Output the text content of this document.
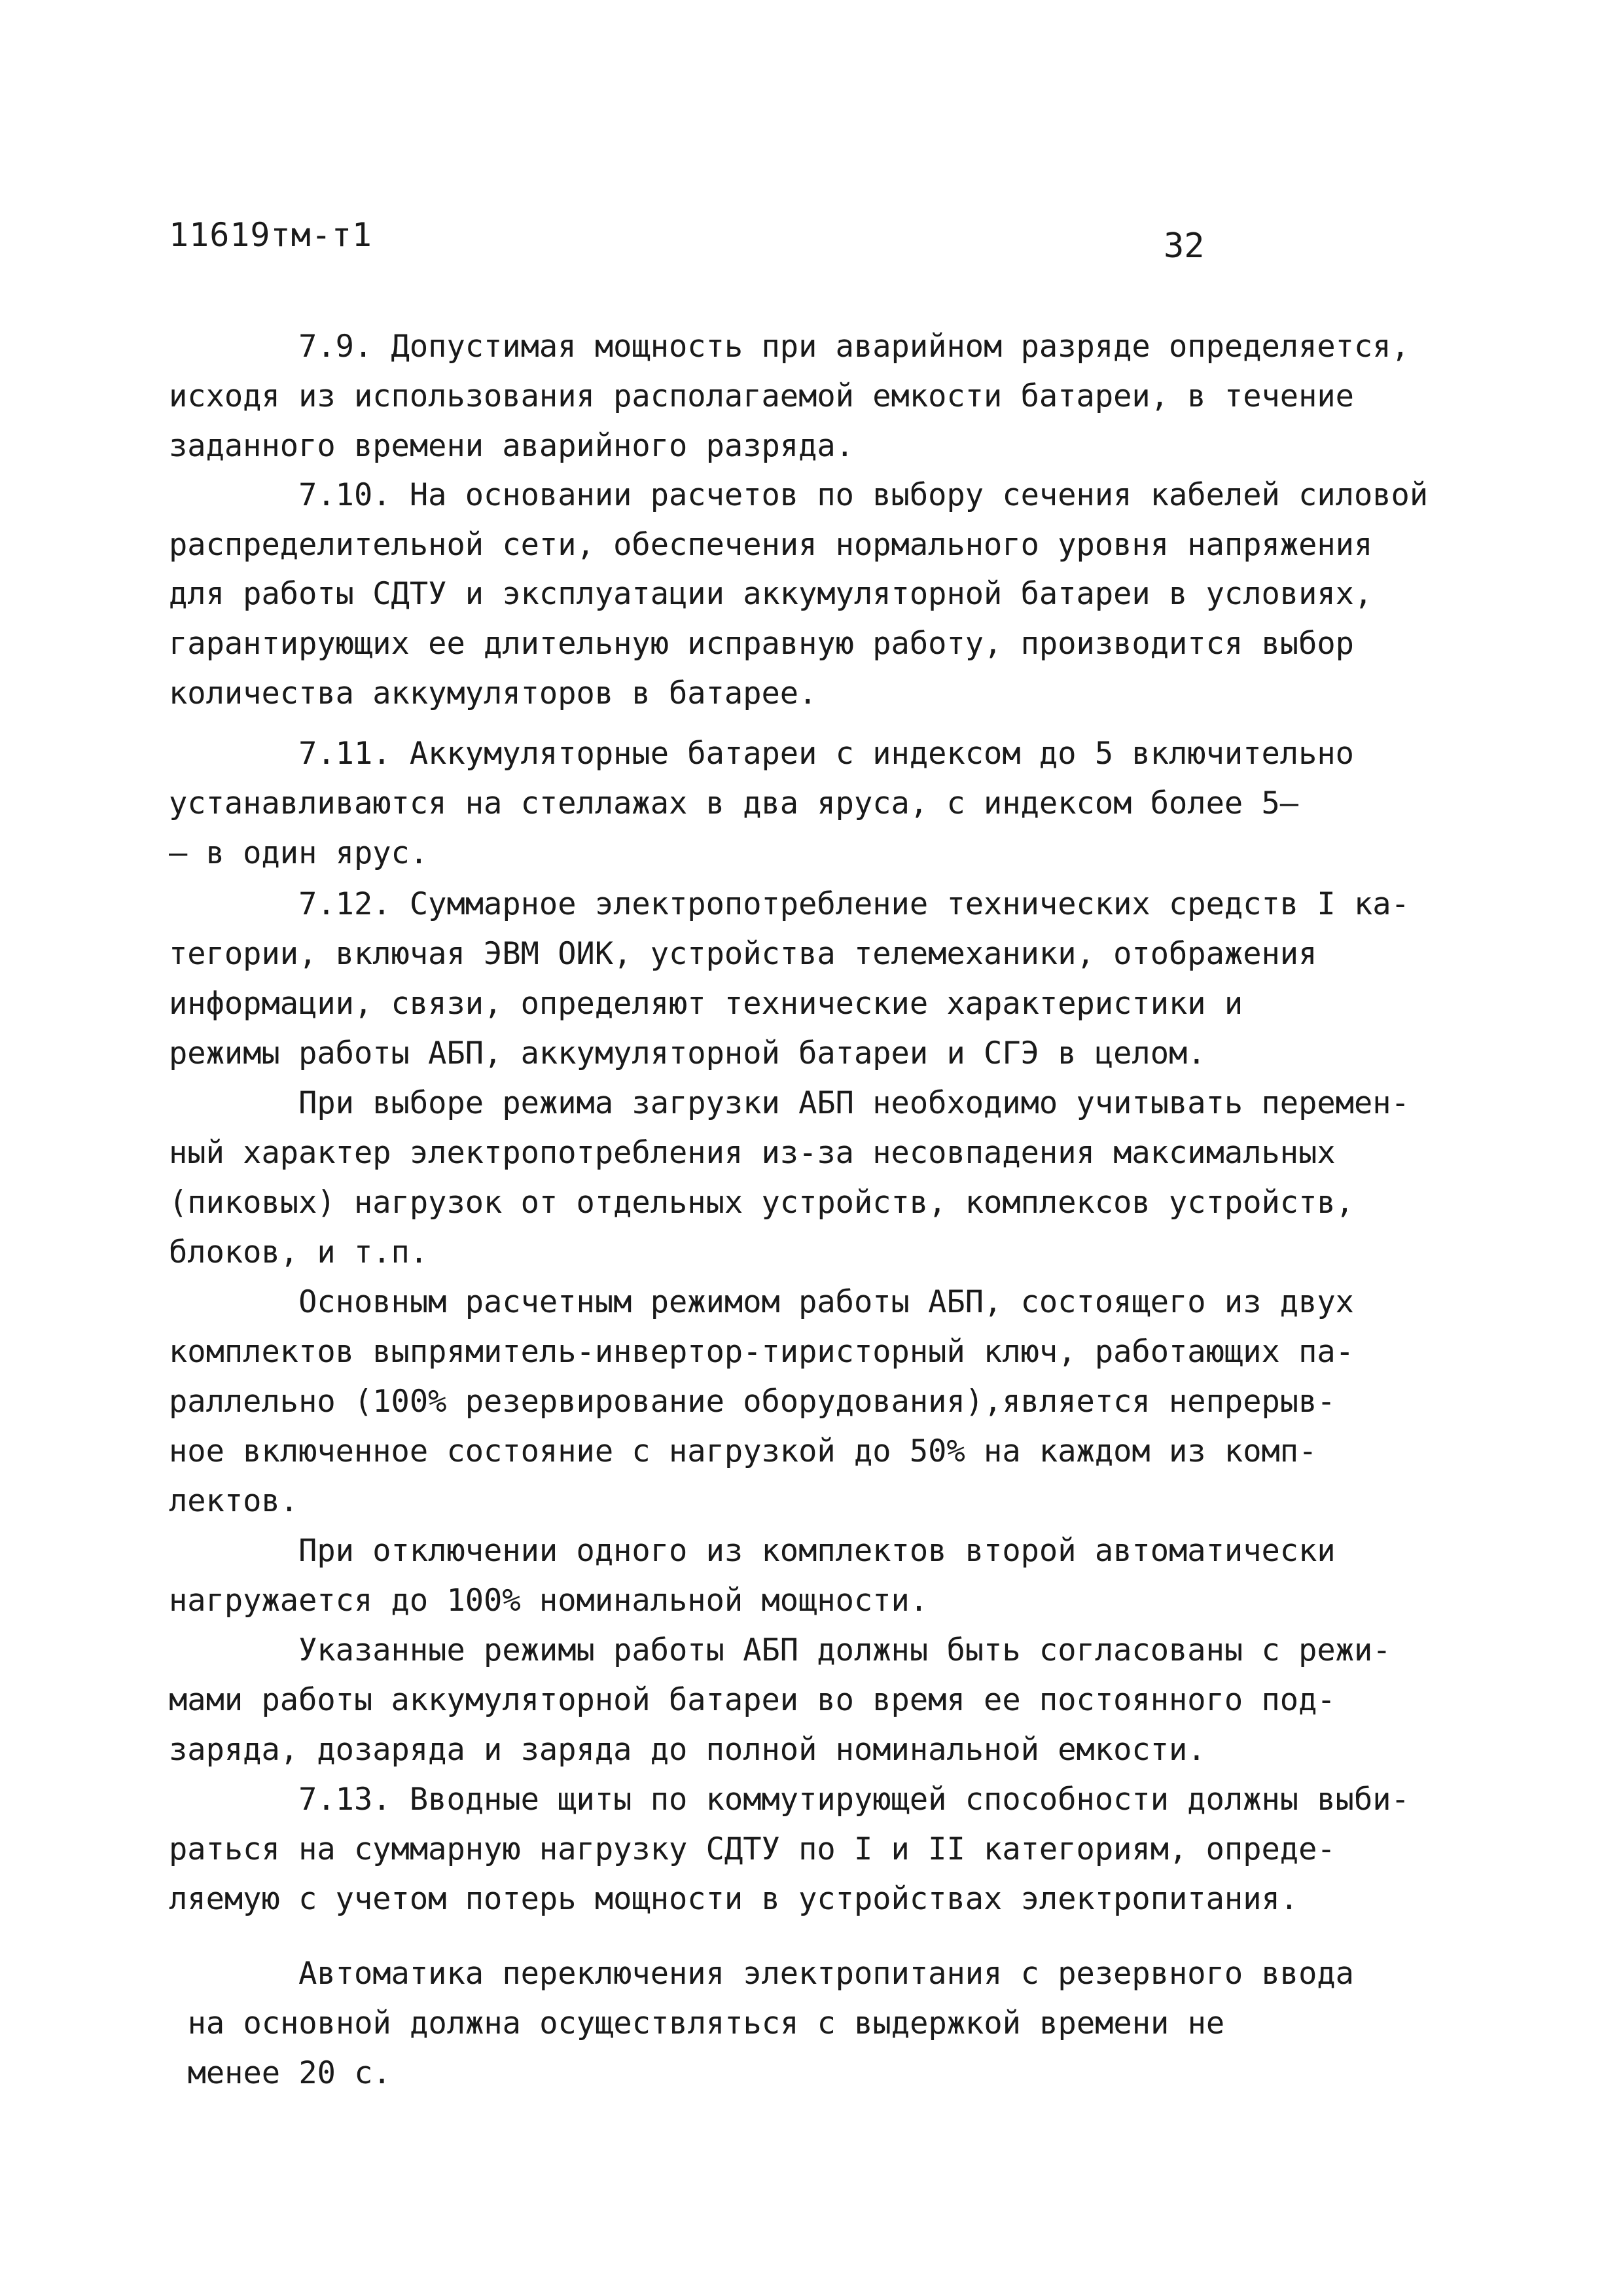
11619тм-т1	32
7.9. Допустимая мощность при аварийном разряде определяется,
исходя из использования располагаемой емкости батареи, в течение
заданного времени аварийного разряда.
7.10. На основании расчетов по выбору сечения кабелей силовой
распределительной сети, обеспечения нормального уровня напряжения
для работы СДТУ и эксплуатации аккумуляторной батареи в условиях,
гарантирующих ее длительную исправную работу, производится выбор
количества аккумуляторов в батарее.
7.11. Аккумуляторные батареи с индексом до 5 включительно
устанавливаются на стеллажах в два яруса, с индексом более 5–
– в один ярус.
7.12. Суммарное электропотребление технических средств I ка-
тегории, включая ЭВМ ОИК, устройства телемеханики, отображения
информации, связи, определяют технические характеристики и
режимы работы АБП, аккумуляторной батареи и СГЭ в целом.
При выборе режима загрузки АБП необходимо учитывать перемен-
ный характер электропотребления из-за несовпадения максимальных
(пиковых) нагрузок от отдельных устройств, комплексов устройств,
блоков, и т.п.
Основным расчетным режимом работы АБП, состоящего из двух
комплектов выпрямитель-инвертор-тиристорный ключ, работающих па-
раллельно (100% резервирование оборудования),является непрерыв-
ное включенное состояние с нагрузкой до 50% на каждом из комп-
лектов.
При отключении одного из комплектов второй автоматически
нагружается до 100% номинальной мощности.
Указанные режимы работы АБП должны быть согласованы с режи-
мами работы аккумуляторной батареи во время ее постоянного под-
заряда, дозаряда и заряда до полной номинальной емкости.
7.13. Вводные щиты по коммутирующей способности должны выби-
раться на суммарную нагрузку СДТУ по I и II категориям, опреде-
ляемую с учетом потерь мощности в устройствах электропитания.
Автоматика переключения электропитания с резервного ввода
на основной должна осуществляться с выдержкой времени не
менее 20 с.
